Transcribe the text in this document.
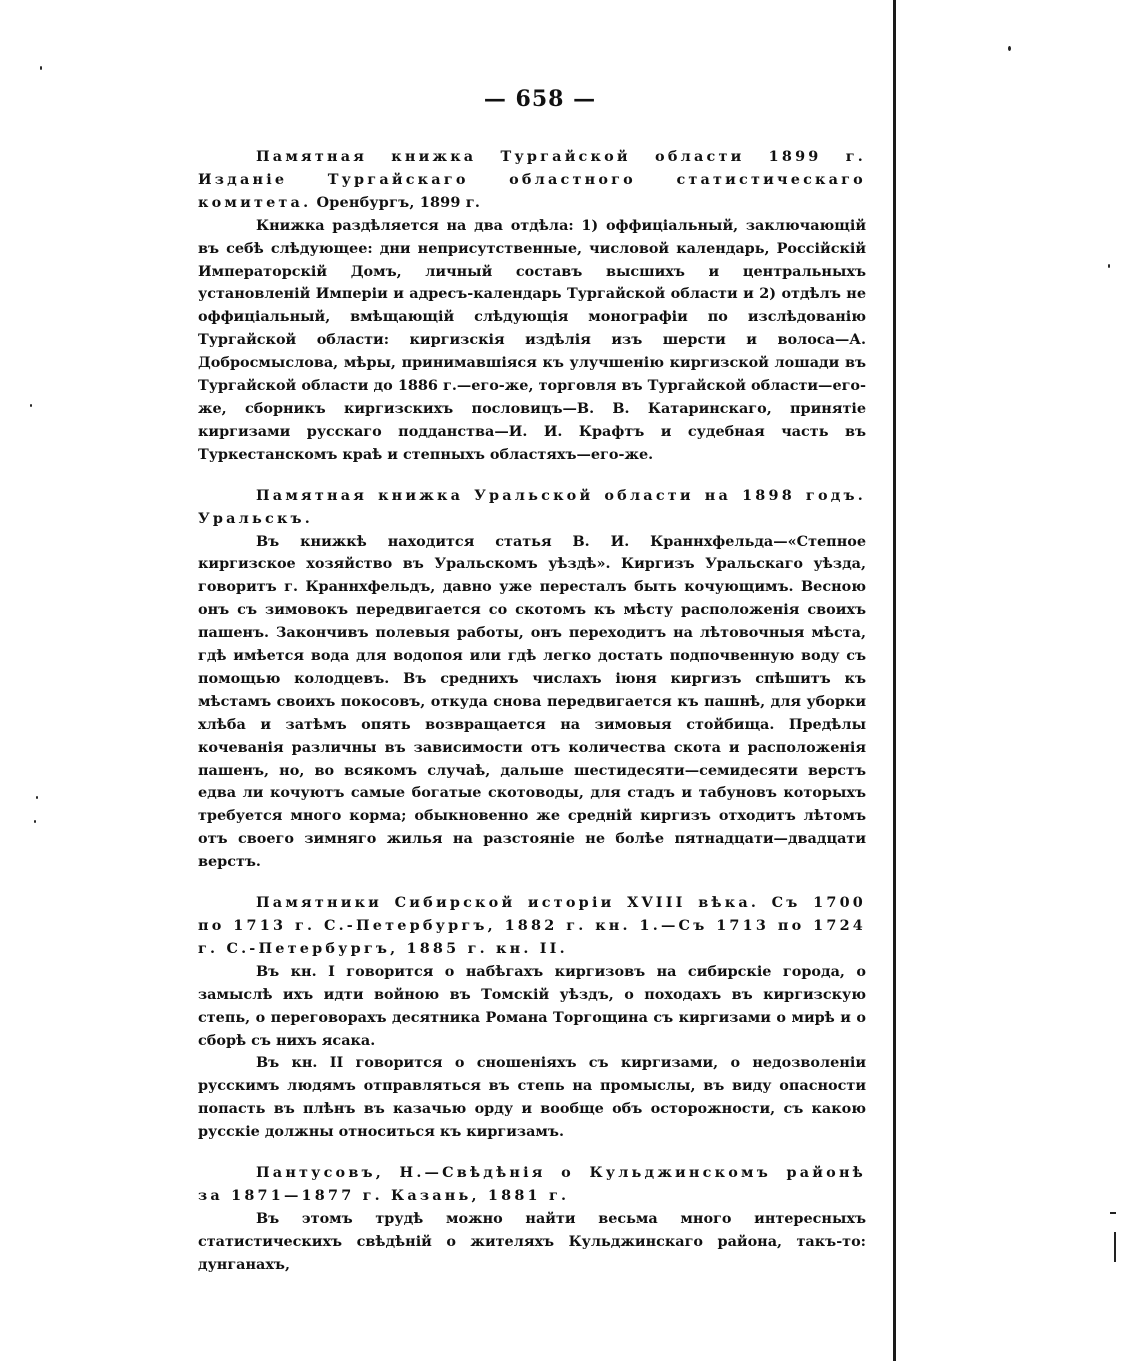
— 658 —

Памятная книжка Тургайской области 1899 г. Изданіе Тургайскаго областного статистическаго комитета. Оренбургъ, 1899 г.

Книжка раздѣляется на два отдѣла: 1) оффиціальный, заключающій въ себѣ слѣдующее: дни неприсутственные, числовой календарь, Россійскій Императорскій Домъ, личный составъ высшихъ и центральныхъ установленій Имперіи и адресъ-календарь Тургайской области и 2) отдѣлъ не оффиціальный, вмѣщающій слѣдующія монографіи по изслѣдованію Тургайской области: киргизскія издѣлія изъ шерсти и волоса—А. Добросмыслова, мѣры, принимавшіяся къ улучшенію киргизской лошади въ Тургайской области до 1886 г.—его-же, торговля въ Тургайской области—его-же, сборникъ киргизскихъ пословицъ—В. В. Катаринскаго, принятіе киргизами русскаго подданства—И. И. Крафтъ и судебная часть въ Туркестанскомъ краѣ и степныхъ областяхъ—его-же.

Памятная книжка Уральской области на 1898 годъ. Уральскъ.

Въ книжкѣ находится статья В. И. Краннхфельда—«Степное киргизское хозяйство въ Уральскомъ уѣздѣ». Киргизъ Уральскаго уѣзда, говоритъ г. Краннхфельдъ, давно уже пересталъ быть кочующимъ. Весною онъ съ зимовокъ передвигается со скотомъ къ мѣсту расположенія своихъ пашенъ. Закончивъ полевыя работы, онъ переходитъ на лѣтовочныя мѣста, гдѣ имѣется вода для водопоя или гдѣ легко достать подпочвенную воду съ помощью колодцевъ. Въ среднихъ числахъ іюня киргизъ спѣшитъ къ мѣстамъ своихъ покосовъ, откуда снова передвигается къ пашнѣ, для уборки хлѣба и затѣмъ опять возвращается на зимовыя стойбища. Предѣлы кочеванія различны въ зависимости отъ количества скота и расположенія пашенъ, но, во всякомъ случаѣ, дальше шестидесяти—семидесяти верстъ едва ли кочуютъ самые богатые скотоводы, для стадъ и табуновъ которыхъ требуется много корма; обыкновенно же средній киргизъ отходитъ лѣтомъ отъ своего зимняго жилья на разстояніе не болѣе пятнадцати—двадцати верстъ.

Памятники Сибирской исторіи XVIII вѣка. Съ 1700 по 1713 г. С.-Петербургъ, 1882 г. кн. 1.—Съ 1713 по 1724 г. С.-Петербургъ, 1885 г. кн. II.

Въ кн. I говорится о набѣгахъ киргизовъ на сибирскіе города, о замыслѣ ихъ идти войною въ Томскій уѣздъ, о походахъ въ киргизскую степь, о переговорахъ десятника Романа Торгощина съ киргизами о мирѣ и о сборѣ съ нихъ ясака.

Въ кн. II говорится о сношеніяхъ съ киргизами, о недозволеніи русскимъ людямъ отправляться въ степь на промыслы, въ виду опасности попасть въ плѣнъ въ казачью орду и вообще объ осторожности, съ какою русскіе должны относиться къ киргизамъ.

Пантусовъ, Н.—Свѣдѣнія о Кульджинскомъ районѣ за 1871—1877 г. Казань, 1881 г.

Въ этомъ трудѣ можно найти весьма много интересныхъ статистическихъ свѣдѣній о жителяхъ Кульджинскаго района, такъ-то: дунганахъ,
